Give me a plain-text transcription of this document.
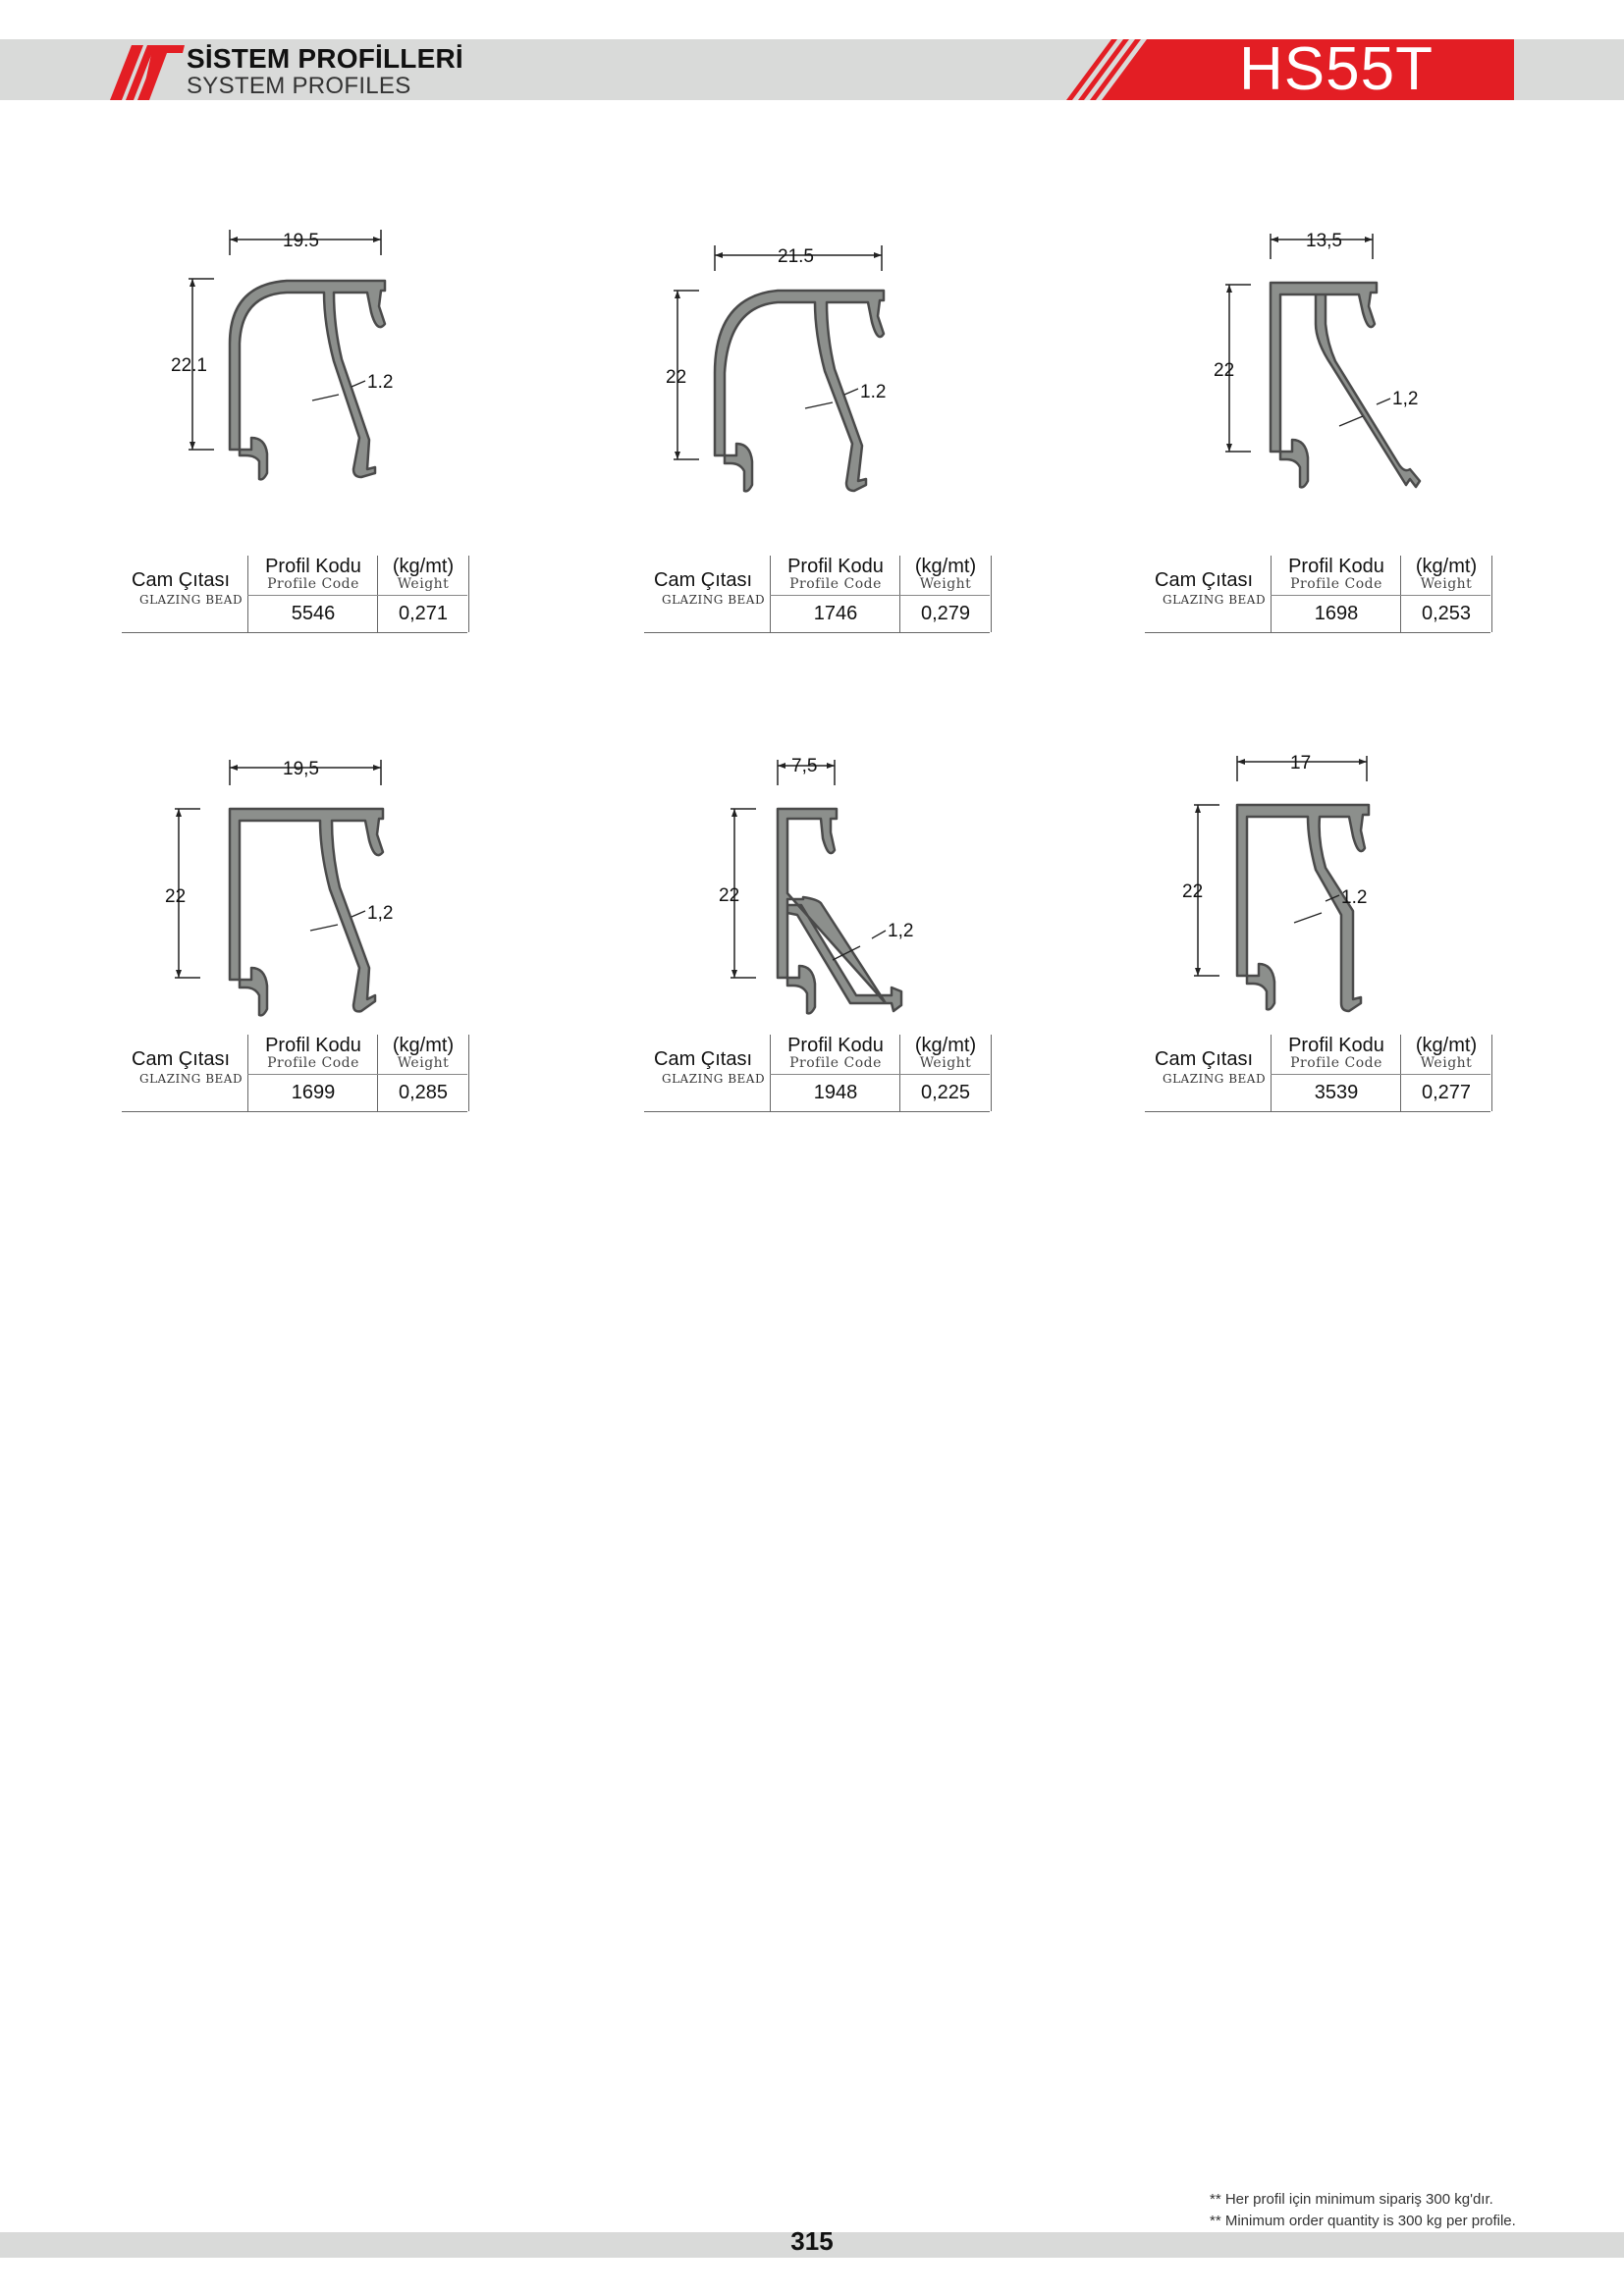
SİSTEM PROFİLLERİ
SYSTEM PROFILES	HS55T
19.5
22.1
1.2
Cam Çıtası
GLAZING BEAD
Profil Kodu
Profile Code
5546
(kg/mt)
Weight
0,271
21.5
22
1.2
Cam Çıtası
GLAZING BEAD
Profil Kodu
Profile Code
1746
(kg/mt)
Weight
0,279
13,5
22
1,2
Cam Çıtası
GLAZING BEAD
Profil Kodu
Profile Code
1698
(kg/mt)
Weight
0,253
19,5
22
1,2
Cam Çıtası
GLAZING BEAD
Profil Kodu
Profile Code
1699
(kg/mt)
Weight
0,285
7,5
22
1,2
Cam Çıtası
GLAZING BEAD
Profil Kodu
Profile Code
1948
(kg/mt)
Weight
0,225
17
22	1.2
Cam Çıtası
GLAZING BEAD
Profil Kodu
Profile Code
3539
(kg/mt)
Weight
0,277
** Her profil için minimum sipariş 300 kg'dır.
** Minimum order quantity is 300 kg per profile.
315
